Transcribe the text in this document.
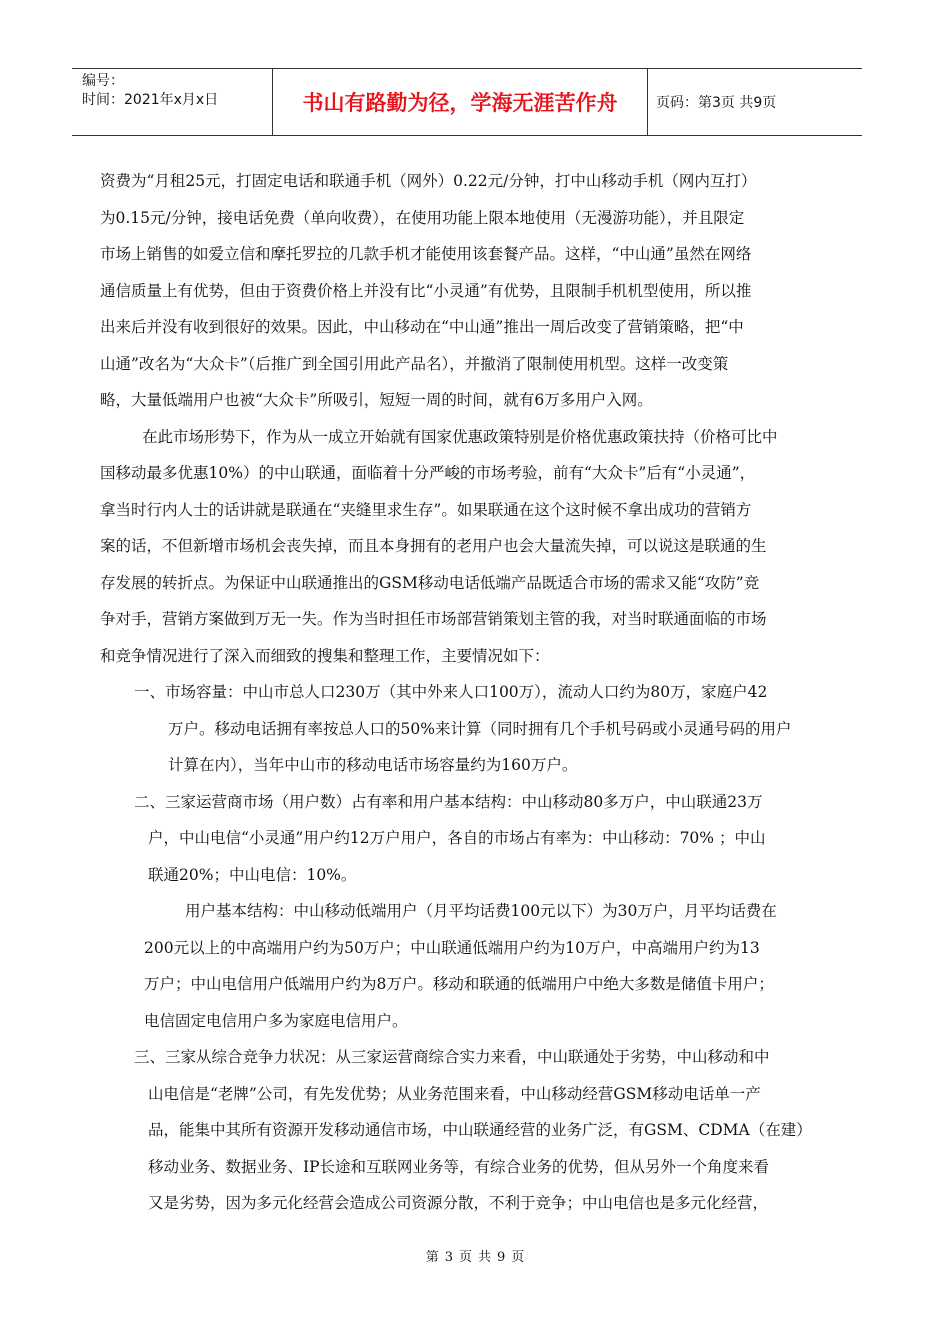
编号：
时间：2021年x月x日	书山有路勤为径，学海无涯苦作舟	页码：第3页 共9页
资费为“月租25元，打固定电话和联通手机（网外）0.22元/分钟，打中山移动手机（网内互打）
为0.15元/分钟，接电话免费（单向收费），在使用功能上限本地使用（无漫游功能），并且限定
市场上销售的如爱立信和摩托罗拉的几款手机才能使用该套餐产品。这样，“中山通”虽然在网络
通信质量上有优势，但由于资费价格上并没有比“小灵通”有优势，且限制手机机型使用，所以推
出来后并没有收到很好的效果。因此，中山移动在“中山通”推出一周后改变了营销策略，把“中
山通”改名为“大众卡”（后推广到全国引用此产品名），并撤消了限制使用机型。这样一改变策
略，大量低端用户也被“大众卡”所吸引，短短一周的时间，就有6万多用户入网。
在此市场形势下，作为从一成立开始就有国家优惠政策特别是价格优惠政策扶持（价格可比中
国移动最多优惠10%）的中山联通，面临着十分严峻的市场考验，前有“大众卡”后有“小灵通”，
拿当时行内人士的话讲就是联通在“夹缝里求生存”。如果联通在这个这时候不拿出成功的营销方
案的话，不但新增市场机会丧失掉，而且本身拥有的老用户也会大量流失掉，可以说这是联通的生
存发展的转折点。为保证中山联通推出的GSM移动电话低端产品既适合市场的需求又能“攻防”竞
争对手，营销方案做到万无一失。作为当时担任市场部营销策划主管的我，对当时联通面临的市场
和竞争情况进行了深入而细致的搜集和整理工作，主要情况如下：
一、市场容量：中山市总人口230万（其中外来人口100万），流动人口约为80万，家庭户42
万户。移动电话拥有率按总人口的50%来计算（同时拥有几个手机号码或小灵通号码的用户
计算在内），当年中山市的移动电话市场容量约为160万户。
二、三家运营商市场（用户数）占有率和用户基本结构：中山移动80多万户，中山联通23万
户，中山电信“小灵通”用户约12万户用户，各自的市场占有率为：中山移动：70% ；中山
联通20%；中山电信：10%。
用户基本结构：中山移动低端用户（月平均话费100元以下）为30万户，月平均话费在
200元以上的中高端用户约为50万户；中山联通低端用户约为10万户，中高端用户约为13
万户；中山电信用户低端用户约为8万户。移动和联通的低端用户中绝大多数是储值卡用户；
电信固定电信用户多为家庭电信用户。
三、三家从综合竞争力状况：从三家运营商综合实力来看，中山联通处于劣势，中山移动和中
山电信是“老牌”公司，有先发优势；从业务范围来看，中山移动经营GSM移动电话单一产
品，能集中其所有资源开发移动通信市场，中山联通经营的业务广泛，有GSM、CDMA（在建）
移动业务、数据业务、IP长途和互联网业务等，有综合业务的优势，但从另外一个角度来看
又是劣势，因为多元化经营会造成公司资源分散，不利于竞争；中山电信也是多元化经营，
第 3 页 共 9 页
